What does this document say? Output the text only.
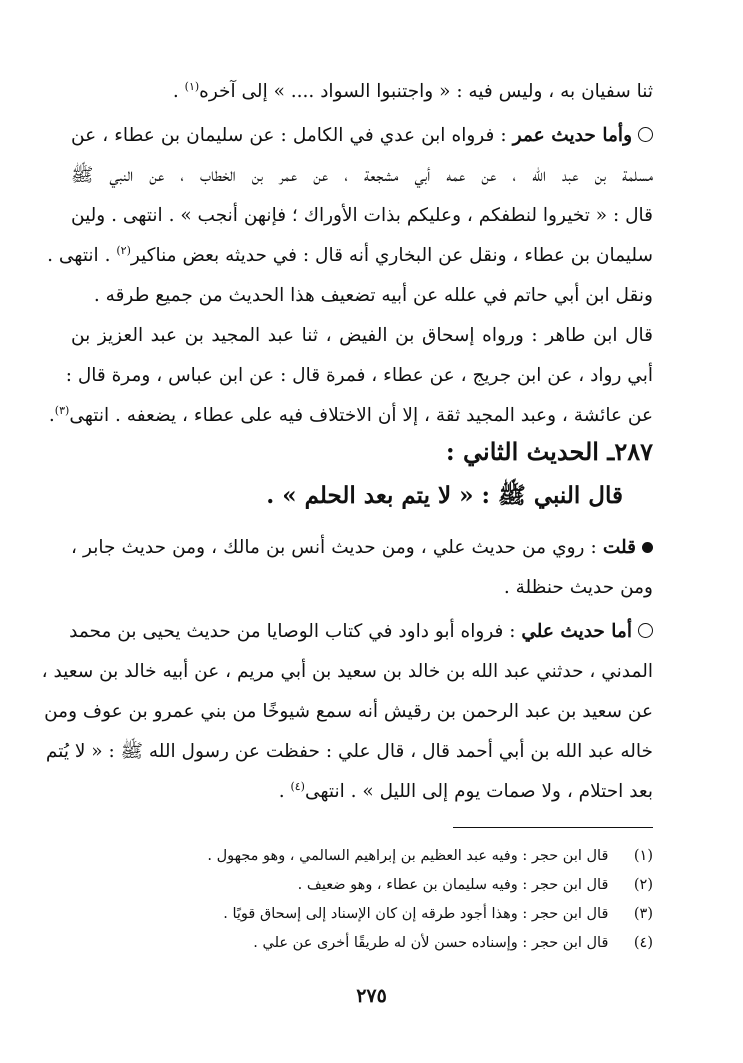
ثنا سفيان به ، وليس فيه : « واجتنبوا السواد .... » إلى آخره$^{(١)}$ .
وأما حديث عمر : فرواه ابن عدي في الكامل : عن سليمان بن عطاء ، عن
مسلمة بن عبد الله ، عن عمه أبي مشجعة ، عن عمر بن الخطاب ، عن النبي ﷺ
قال : « تخيروا لنطفكم ، وعليكم بذات الأوراك ؛ فإنهن أنجب » . انتهى . ولين
سليمان بن عطاء ، ونقل عن البخاري أنه قال : في حديثه بعض مناكير$^{(٢)}$ . انتهى .
ونقل ابن أبي حاتم في علله عن أبيه تضعيف هذا الحديث من جميع طرقه .
قال ابن طاهر : ورواه إسحاق بن الفيض ، ثنا عبد المجيد بن عبد العزيز بن
أبي رواد ، عن ابن جريج ، عن عطاء ، فمرة قال : عن ابن عباس ، ومرة قال :
عن عائشة ، وعبد المجيد ثقة ، إلا أن الاختلاف فيه على عطاء ، يضعفه . انتهى$^{(٣)}$.
٢٨٧ـ الحديث الثاني :
قال النبي ﷺ : « لا يتم بعد الحلم » .
قلت : روي من حديث علي ، ومن حديث أنس بن مالك ، ومن حديث جابر ،
ومن حديث حنظلة .
أما حديث علي : فرواه أبو داود في كتاب الوصايا من حديث يحيى بن محمد
المدني ، حدثني عبد الله بن خالد بن سعيد بن أبي مريم ، عن أبيه خالد بن سعيد ،
عن سعيد بن عبد الرحمن بن رقيش أنه سمع شيوخًا من بني عمرو بن عوف ومن
خاله عبد الله بن أبي أحمد قال ، قال علي : حفظت عن رسول الله ﷺ : « لا يُتم
بعد احتلام ، ولا صمات يوم إلى الليل » . انتهى$^{(٤)}$ .
(١) قال ابن حجر : وفيه عبد العظيم بن إبراهيم السالمي ، وهو مجهول .
(٢) قال ابن حجر : وفيه سليمان بن عطاء ، وهو ضعيف .
(٣) قال ابن حجر : وهذا أجود طرقه إن كان الإسناد إلى إسحاق قويًا .
(٤) قال ابن حجر : وإسناده حسن لأن له طريقًا أخرى عن علي .
٢٧٥
